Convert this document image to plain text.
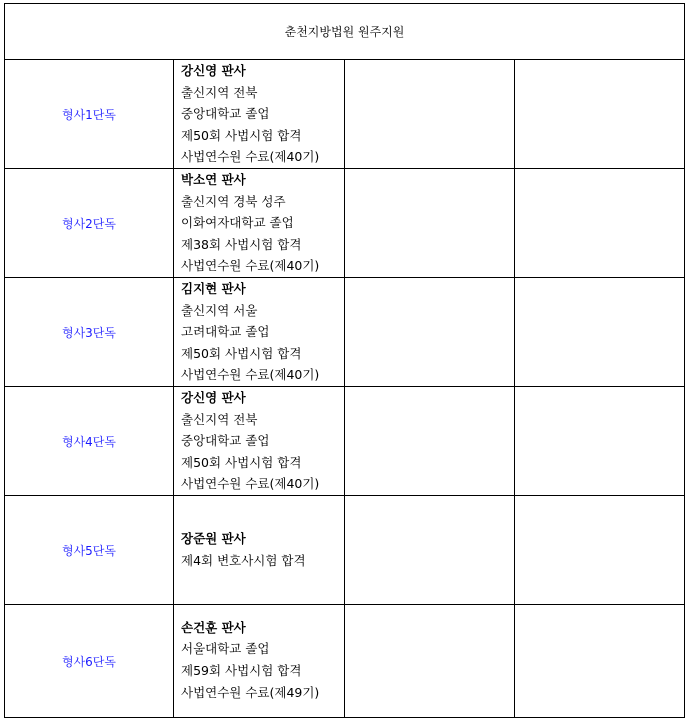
춘천지방법원 원주지원			
형사1단독	강신영 판사
출신지역 전북
중앙대학교 졸업
제50회 사법시험 합격
사법연수원 수료(제40기)		

형사2단독	박소연 판사
출신지역 경북 성주
이화여자대학교 졸업
제38회 사법시험 합격
사법연수원 수료(제40기)		

형사3단독	김지현 판사
출신지역 서울
고려대학교 졸업
제50회 사법시험 합격
사법연수원 수료(제40기)		

형사4단독	강신영 판사
출신지역 전북
중앙대학교 졸업
제50회 사법시험 합격
사법연수원 수료(제40기)		

형사5단독	장준원 판사
제4회 변호사시험 합격		

형사6단독	손건훈 판사
서울대학교 졸업
제59회 사법시험 합격
사법연수원 수료(제49기)		
